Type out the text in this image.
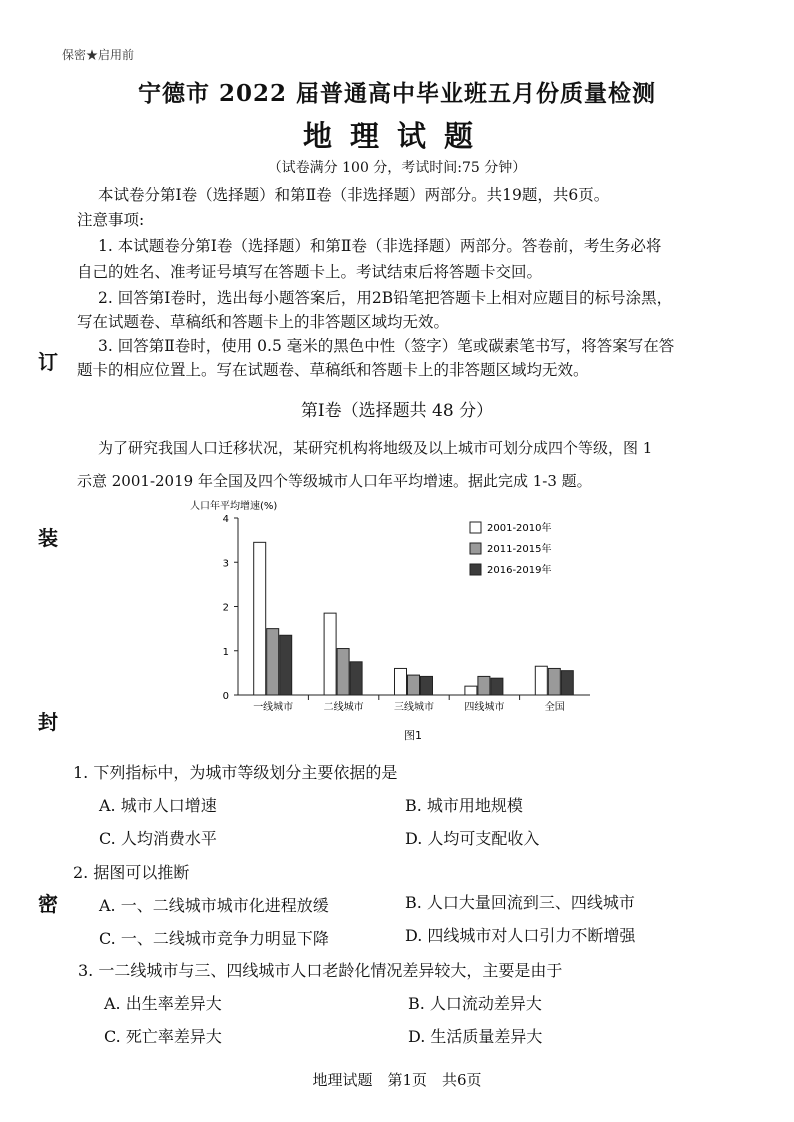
保密★启用前
宁德市 2022 届普通高中毕业班五月份质量检测
地理试题
（试卷满分 100 分，考试时间:75 分钟）
本试卷分第Ⅰ卷（选择题）和第Ⅱ卷（非选择题）两部分。共19题，共6页。
注意事项:
1. 本试题卷分第Ⅰ卷（选择题）和第Ⅱ卷（非选择题）两部分。答卷前，考生务必将
自己的姓名、准考证号填写在答题卡上。考试结束后将答题卡交回。
2. 回答第Ⅰ卷时，选出每小题答案后，用2B铅笔把答题卡上相对应题目的标号涂黑，
写在试题卷、草稿纸和答题卡上的非答题区域均无效。
3. 回答第Ⅱ卷时，使用 0.5 毫米的黑色中性（签字）笔或碳素笔书写，将答案写在答
题卡的相应位置上。写在试题卷、草稿纸和答题卡上的非答题区域均无效。
第Ⅰ卷（选择题共 48 分）
为了研究我国人口迁移状况，某研究机构将地级及以上城市可划分成四个等级，图 1
示意 2001-2019 年全国及四个等级城市人口年平均增速。据此完成 1-3 题。
订
装
封
密
人口年平均增速(%)
0
1
2
3
4
一线城市	二线城市	三线城市	四线城市	全国
2001-2010年
2011-2015年
2016-2019年
图1
1. 下列指标中，为城市等级划分主要依据的是
A. 城市人口增速	B. 城市用地规模
C. 人均消费水平	D. 人均可支配收入
2. 据图可以推断
A. 一、二线城市城市化进程放缓	B. 人口大量回流到三、四线城市
C. 一、二线城市竞争力明显下降	D. 四线城市对人口引力不断增强
3. 一二线城市与三、四线城市人口老龄化情况差异较大，主要是由于
A. 出生率差异大	B. 人口流动差异大
C. 死亡率差异大	D. 生活质量差异大
地理试题　第1页　共6页
